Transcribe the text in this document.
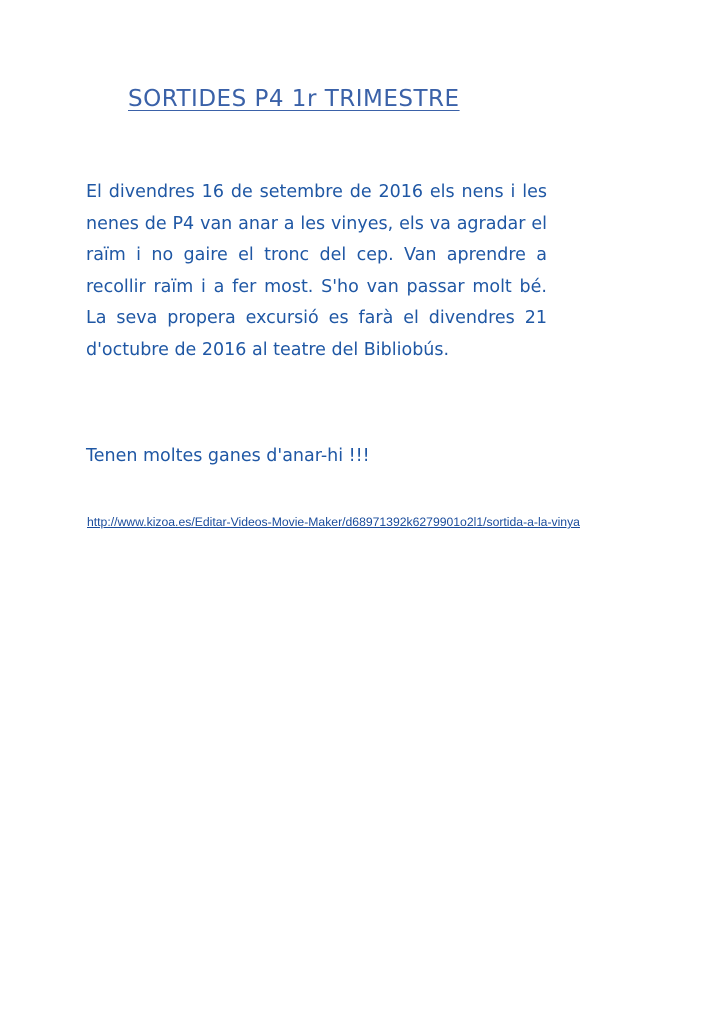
SORTIDES P4 1r TRIMESTRE

El divendres 16 de setembre de 2016 els nens i les nenes de P4 van anar a les vinyes, els va agradar el raïm i no gaire el tronc del cep. Van aprendre a recollir raïm i a fer most. S'ho van passar molt bé. La seva propera excursió es farà el divendres 21 d'octubre de 2016 al teatre del Bibliobús.

Tenen moltes ganes d'anar-hi !!!

http://www.kizoa.es/Editar-Videos-Movie-Maker/d68971392k6279901o2l1/sortida-a-la-vinya
